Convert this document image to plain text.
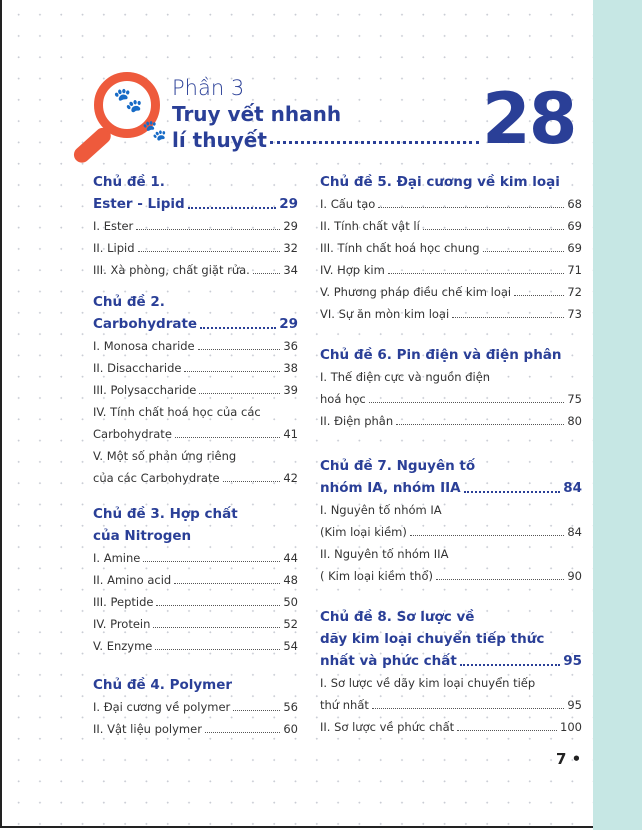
🐾
🐾
Phần 3
Truy vết nhanh
lí thuyết	28
Chủ đề 1.
Ester - Lipid	29
I. Ester	29
II. Lipid	32
III. Xà phòng, chất giặt rửa.	34
Chủ đề 2.
Carbohydrate	29
I. Monosa charide	36
II. Disaccharide	38
III. Polysaccharide	39
IV. Tính chất hoá học của các
Carbohydrate	41
V. Một số phản ứng riêng
của các Carbohydrate	42
Chủ đề 3. Hợp chất
của Nitrogen
I. Amine	44
II. Amino acid	48
III. Peptide	50
IV. Protein	52
V. Enzyme	54
Chủ đề 4. Polymer
I. Đại cương về polymer	56
II. Vật liệu polymer	60
Chủ đề 5. Đại cương về kim loại
I. Cấu tạo	68
II. Tính chất vật lí	69
III. Tính chất hoá học chung	69
IV. Hợp kim	71
V. Phương pháp điều chế kim loại	72
VI. Sự ăn mòn kim loại	73
Chủ đề 6. Pin điện và điện phân
I. Thế điện cực và nguồn điện
hoá học	75
II. Điện phân	80
Chủ đề 7. Nguyên tố
nhóm IA, nhóm IIA	84
I. Nguyên tố nhóm IA
(Kim loại kiềm)	84
II. Nguyên tố nhóm IIA
( Kim loại kiềm thổ)	90
Chủ đề 8. Sơ lược về
dãy kim loại chuyển tiếp thức
nhất và phức chất	95
I. Sơ lược về dãy kim loại chuyển tiếp
thứ nhất	95
II. Sơ lược về phức chất	100
7 •
